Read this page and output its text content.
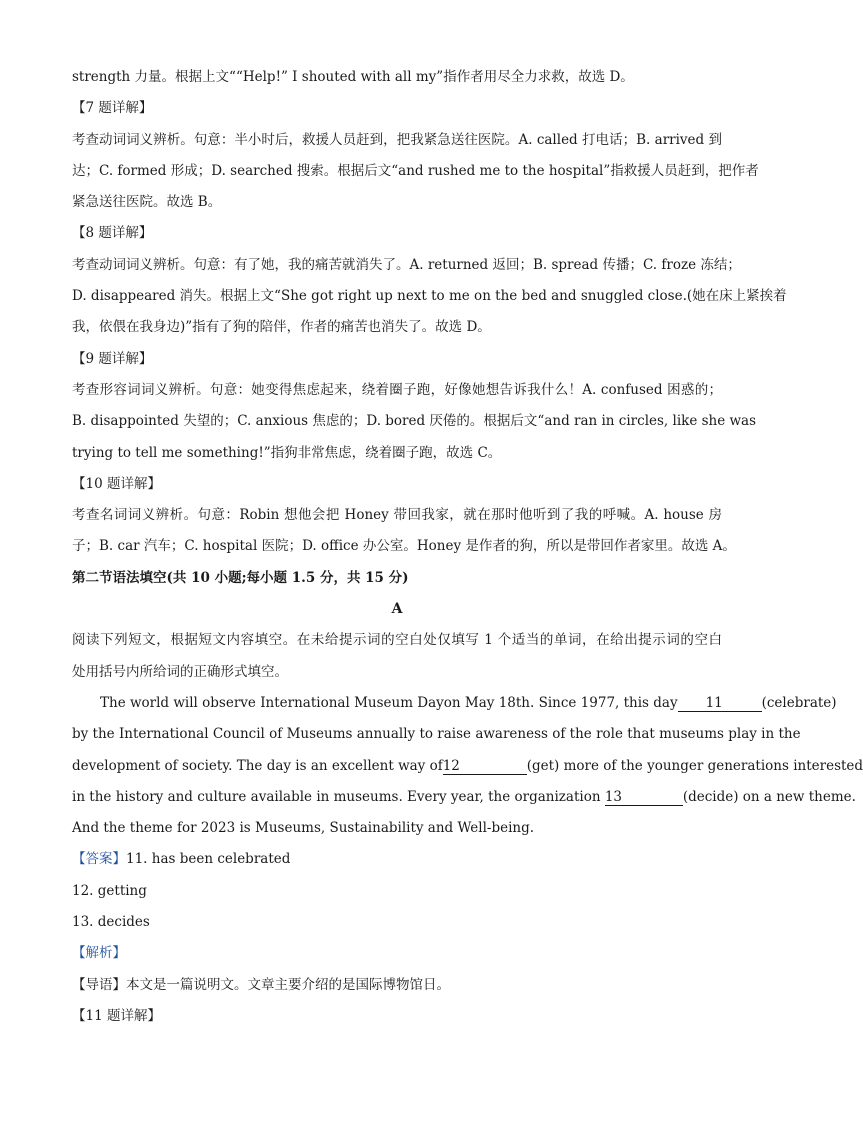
strength 力量。根据上文““Help!” I shouted with all my”指作者用尽全力求救，故选 D。
【7 题详解】
考查动词词义辨析。句意：半小时后，救援人员赶到，把我紧急送往医院。A. called 打电话；B. arrived 到
达；C. formed 形成；D. searched 搜索。根据后文“and rushed me to the hospital”指救援人员赶到，把作者
紧急送往医院。故选 B。
【8 题详解】
考查动词词义辨析。句意：有了她，我的痛苦就消失了。A. returned 返回；B. spread 传播；C. froze 冻结；
D. disappeared 消失。根据上文“She got right up next to me on the bed and snuggled close.(她在床上紧挨着
我，依偎在我身边)”指有了狗的陪伴，作者的痛苦也消失了。故选 D。
【9 题详解】
考查形容词词义辨析。句意：她变得焦虑起来，绕着圈子跑，好像她想告诉我什么！A. confused 困惑的；
B. disappointed 失望的；C. anxious 焦虑的；D. bored 厌倦的。根据后文“and ran in circles, like she was
trying to tell me something!”指狗非常焦虑，绕着圈子跑，故选 C。
【10 题详解】
考查名词词义辨析。句意：Robin 想他会把 Honey 带回我家，就在那时他听到了我的呼喊。A. house 房
子；B. car 汽车；C. hospital 医院；D. office 办公室。Honey 是作者的狗，所以是带回作者家里。故选 A。
第二节语法填空(共 10 小题;每小题 1.5 分，共 15 分)
A
阅读下列短文，根据短文内容填空。在未给提示词的空白处仅填写 1 个适当的单词，在给出提示词的空白
处用括号内所给词的正确形式填空。
The world will observe International Museum Dayon May 18th. Since 1977, this day 11	(celebrate)
by the International Council of Museums annually to raise awareness of the role that museums play in the
development of society. The day is an excellent way of12	(get) more of the younger generations interested
in the history and culture available in museums. Every year, the organization 13	(decide) on a new theme.
And the theme for 2023 is Museums, Sustainability and Well-being.
【答案】11. has been celebrated
12. getting
13. decides
【解析】
【导语】本文是一篇说明文。文章主要介绍的是国际博物馆日。
【11 题详解】
